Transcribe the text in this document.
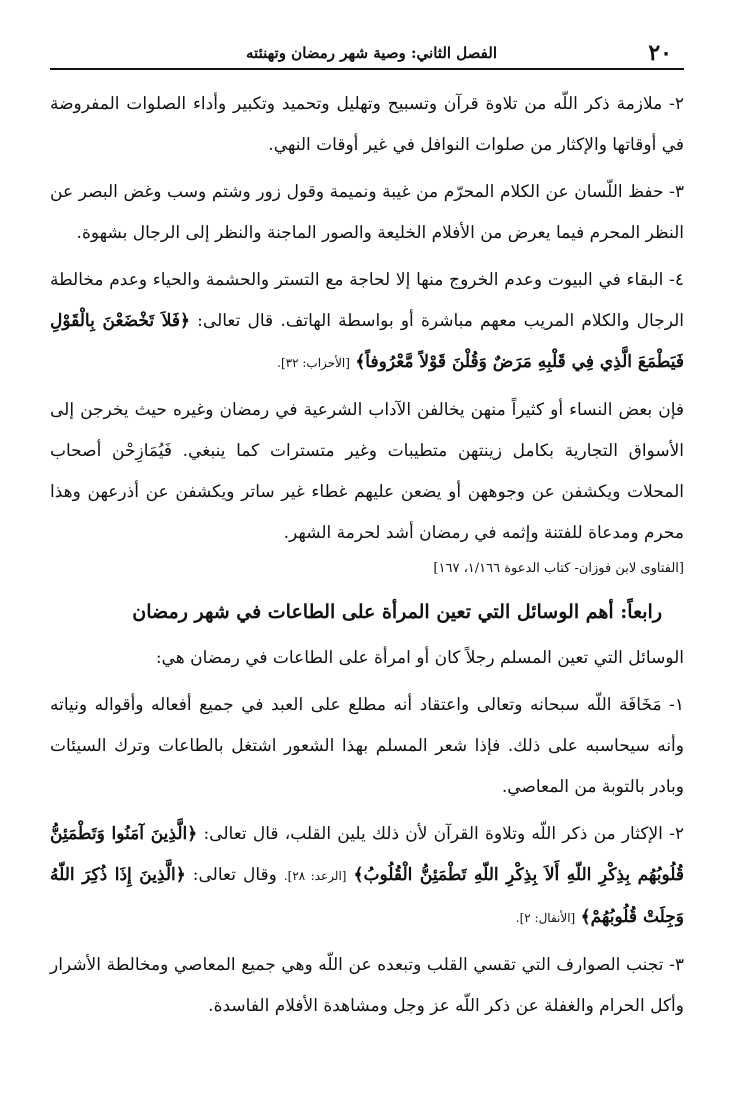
٢٠
الفصل الثاني: وصية شهر رمضان وتهنئته

٢- ملازمة ذكر اللّه من تلاوة قرآن وتسبيح وتهليل وتحميد وتكبير وأداء الصلوات المفروضة في أوقاتها والإكثار من صلوات النوافل في غير أوقات النهي.

٣- حفظ اللّسان عن الكلام المحرّم من غيبة ونميمة وقول زور وشتم وسب وغض البصر عن النظر المحرم فيما يعرض من الأفلام الخليعة والصور الماجنة والنظر إلى الرجال بشهوة.

٤- البقاء في البيوت وعدم الخروج منها إلا لحاجة مع التستر والحشمة والحياء وعدم مخالطة الرجال والكلام المريب معهم مباشرة أو بواسطة الهاتف. قال تعالى: ﴿فَلاَ تَخْضَعْنَ بِالْقَوْلِ فَيَطْمَعَ الَّذِي فِي قَلْبِهِ مَرَضٌ وَقُلْنَ قَوْلاً مَّعْرُوفاً﴾ [الأحزاب: ٣٢].

فإن بعض النساء أو كثيراً منهن يخالفن الآداب الشرعية في رمضان وغيره حيث يخرجن إلى الأسواق التجارية بكامل زينتهن متطيبات وغير متسترات كما ينبغي. فَيُمَازِحْن أصحاب المحلات ويكشفن عن وجوههن أو يضعن عليهم غطاء غير ساتر ويكشفن عن أذرعهن وهذا محرم ومدعاة للفتنة وإثمه في رمضان أشد لحرمة الشهر.

[الفتاوى لابن فوزان- كتاب الدعوة ١/١٦٦، ١٦٧]

رابعاً: أهم الوسائل التي تعين المرأة على الطاعات في شهر رمضان

الوسائل التي تعين المسلم رجلاً كان أو امرأة على الطاعات في رمضان هي:

١- مَخَافَة اللّه سبحانه وتعالى واعتقاد أنه مطلع على العبد في جميع أفعاله وأقواله ونياته وأنه سيحاسبه على ذلك. فإذا شعر المسلم بهذا الشعور اشتغل بالطاعات وترك السيئات وبادر بالتوبة من المعاصي.

٢- الإكثار من ذكر اللّه وتلاوة القرآن لأن ذلك يلين القلب، قال تعالى: ﴿الَّذِينَ آمَنُوا وَتَطْمَئِنُّ قُلُوبُهُم بِذِكْرِ اللّهِ أَلاَ بِذِكْرِ اللّهِ تَطْمَئِنُّ الْقُلُوبُ﴾ [الرعد: ٢٨]. وقال تعالى: ﴿الَّذِينَ إِذَا ذُكِرَ اللّهُ وَجِلَتْ قُلُوبُهُمْ﴾ [الأنفال: ٢].

٣- تجنب الصوارف التي تقسي القلب وتبعده عن اللّه وهي جميع المعاصي ومخالطة الأشرار وأكل الحرام والغفلة عن ذكر اللّه عز وجل ومشاهدة الأفلام الفاسدة.
